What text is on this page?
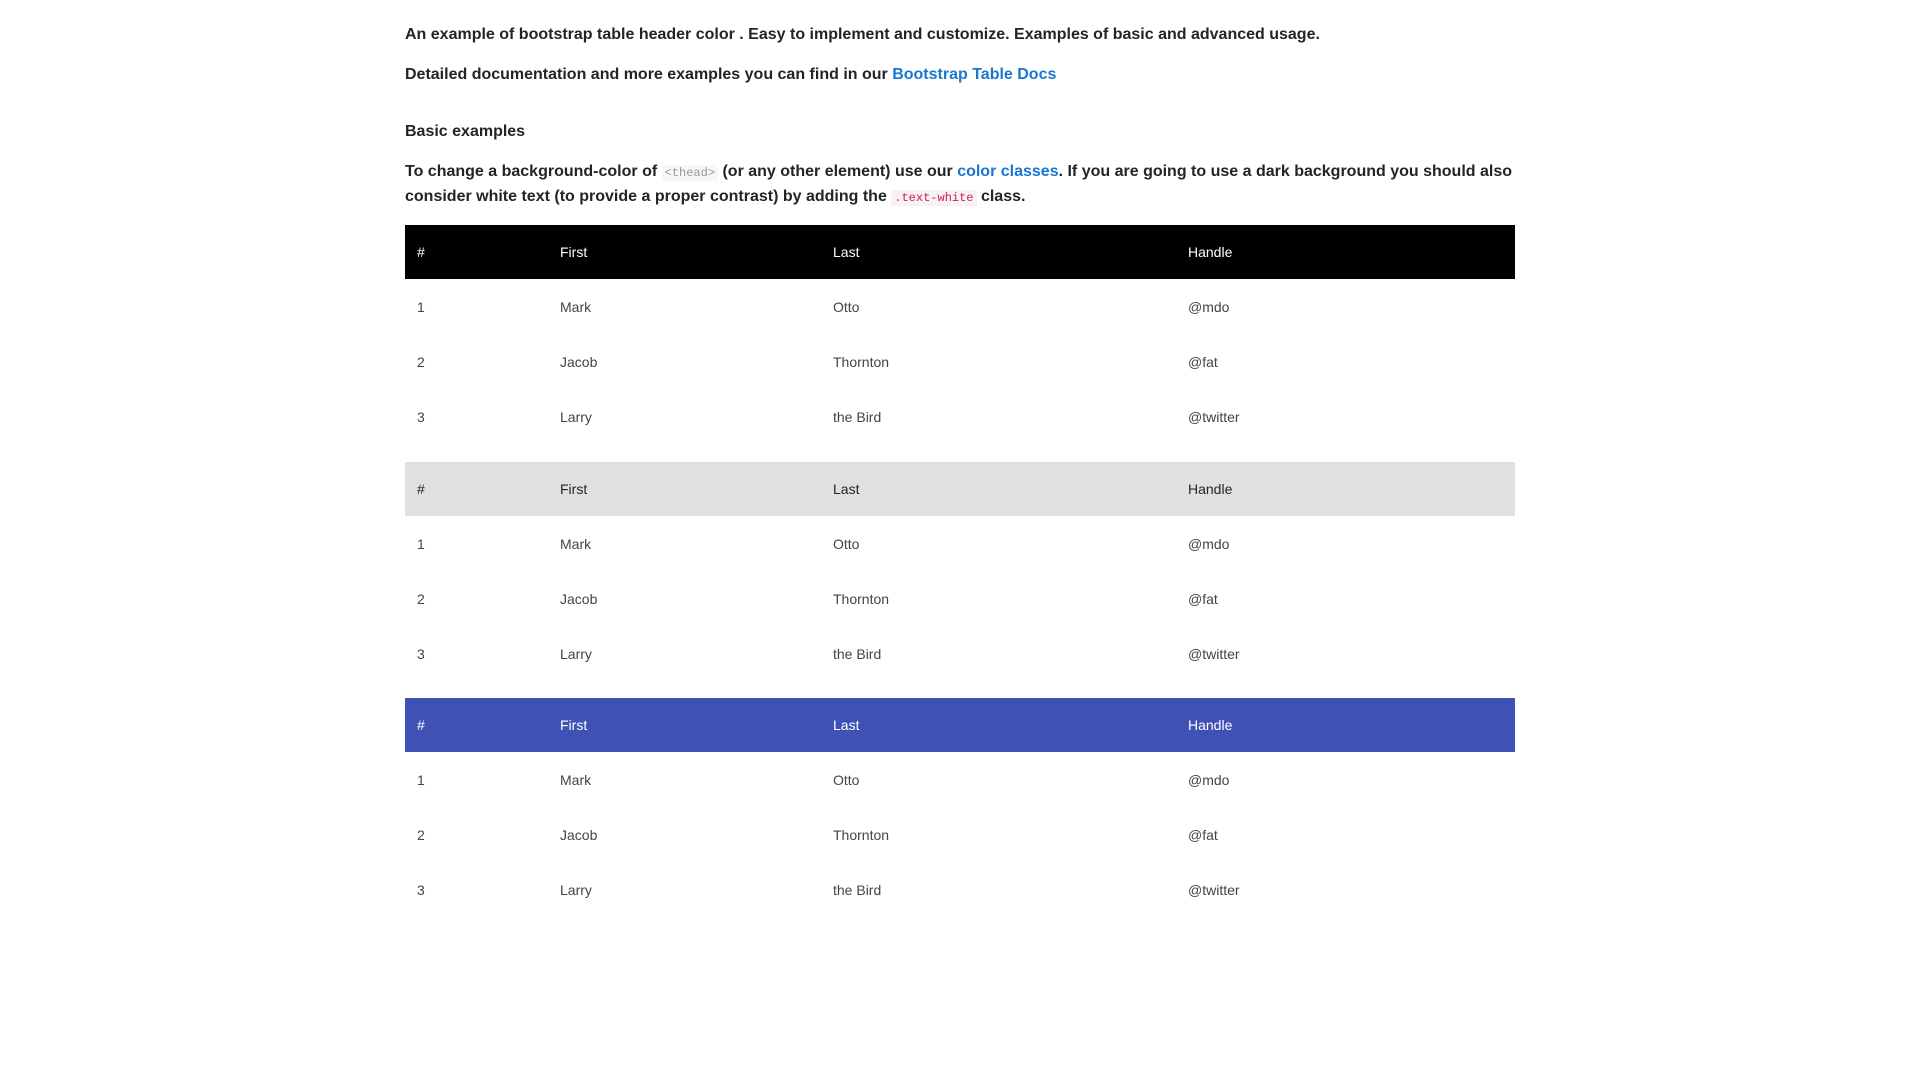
An example of bootstrap table header color . Easy to implement and customize. Examples of basic and advanced usage.

Detailed documentation and more examples you can find in our Bootstrap Table Docs

Basic examples

To change a background-color of <thead> (or any other element) use our color classes. If you are going to use a dark background you should also consider white text (to provide a proper contrast) by adding the .text-white class.

#	First	Last	Handle
1	Mark	Otto	@mdo
2	Jacob	Thornton	@fat
3	Larry	the Bird	@twitter
#	First	Last	Handle
1	Mark	Otto	@mdo
2	Jacob	Thornton	@fat
3	Larry	the Bird	@twitter
#	First	Last	Handle
1	Mark	Otto	@mdo
2	Jacob	Thornton	@fat
3	Larry	the Bird	@twitter
